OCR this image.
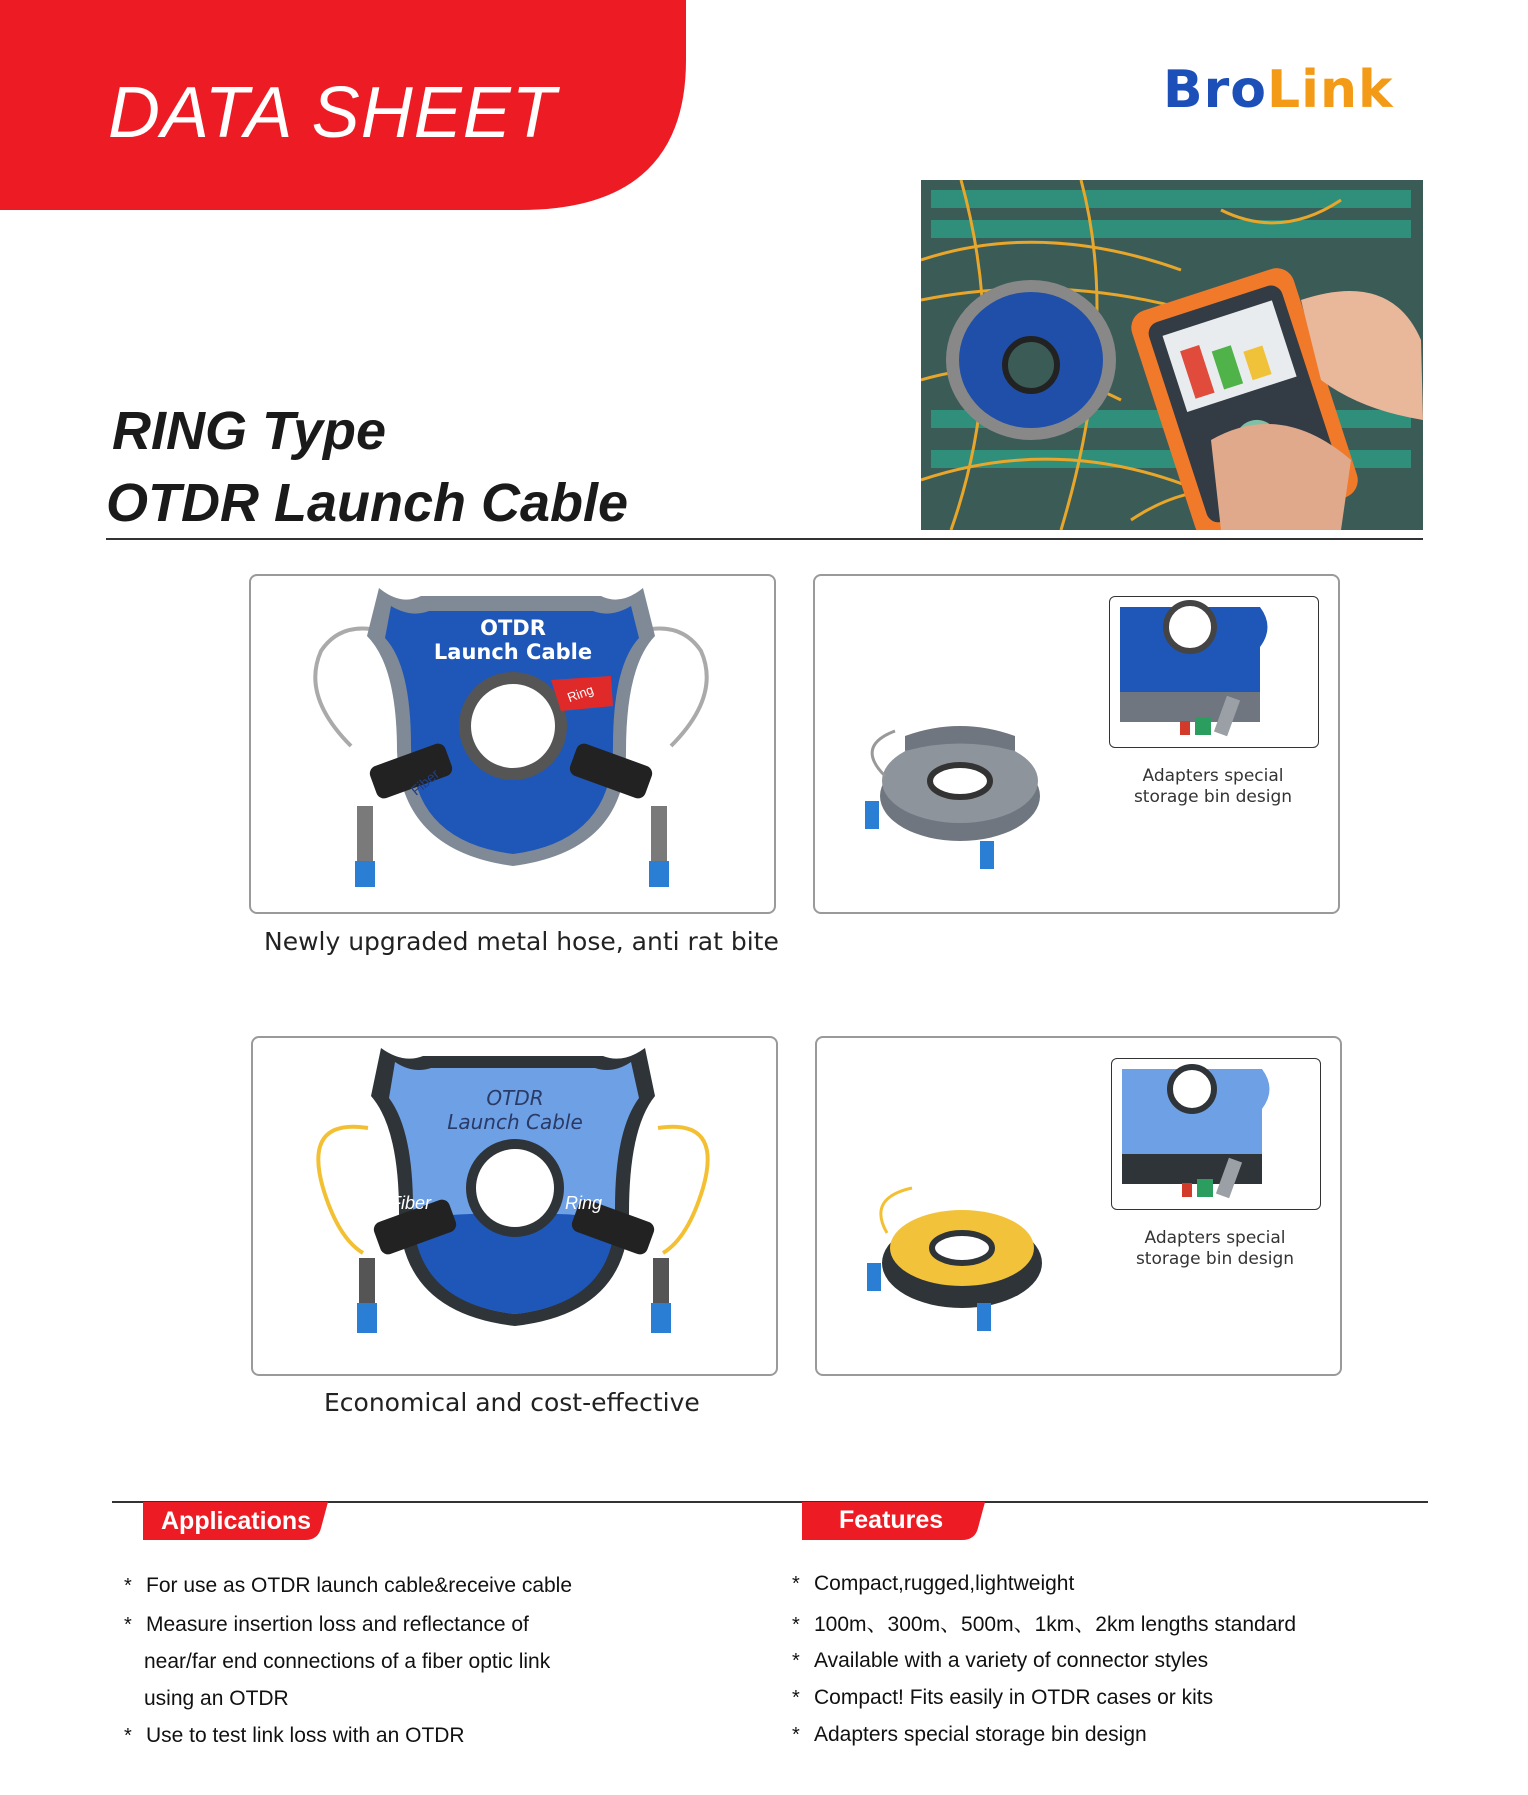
DATA SHEET	BroLink
RING Type
OTDR Launch Cable
OTDR
Launch Cable
Ring
Fiber
Newly upgraded metal hose, anti rat bite
Adapters special
storage bin design
OTDR
Launch Cable
Fiber	Ring
Economical and cost-effective
Adapters special
storage bin design
Applications
* For use as OTDR launch cable&receive cable
* Measure insertion loss and reflectance of
near/far end connections of a fiber optic link
using an OTDR
* Use to test link loss with an OTDR
Features
* Compact,rugged,lightweight
* 100m、300m、500m、1km、2km lengths standard
* Available with a variety of connector styles
* Compact! Fits easily in OTDR cases or kits
* Adapters special storage bin design
